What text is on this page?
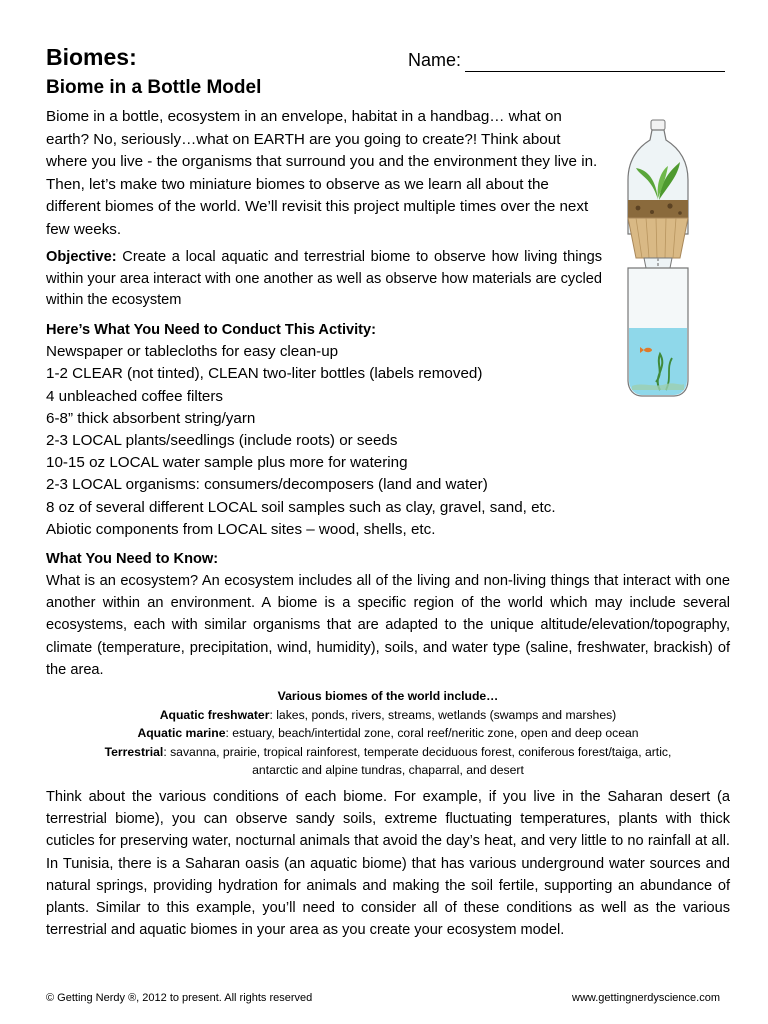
Biomes:	Name:
Biome in a Bottle Model

Biome in a bottle, ecosystem in an envelope, habitat in a handbag… what on earth? No, seriously…what on EARTH are you going to create?! Think about where you live - the organisms that surround you and the environment they live in. Then, let’s make two miniature biomes to observe as we learn all about the different biomes of the world. We’ll revisit this project multiple times over the next few weeks.

Objective: Create a local aquatic and terrestrial biome to observe how living things within your area interact with one another as well as observe how materials are cycled within the ecosystem

Here’s What You Need to Conduct This Activity:
Newspaper or tablecloths for easy clean-up
1-2 CLEAR (not tinted), CLEAN two-liter bottles (labels removed)
4 unbleached coffee filters
6-8” thick absorbent string/yarn
2-3 LOCAL plants/seedlings (include roots) or seeds
10-15 oz LOCAL water sample plus more for watering
2-3 LOCAL organisms: consumers/decomposers (land and water)
8 oz of several different LOCAL soil samples such as clay, gravel, sand, etc.
Abiotic components from LOCAL sites – wood, shells, etc.
What You Need to Know:

What is an ecosystem? An ecosystem includes all of the living and non-living things that interact with one another within an environment. A biome is a specific region of the world which may include several ecosystems, each with similar organisms that are adapted to the unique altitude/elevation/topography, climate (temperature, precipitation, wind, humidity), soils, and water type (saline, freshwater, brackish) of the area.

Various biomes of the world include…
Aquatic freshwater: lakes, ponds, rivers, streams, wetlands (swamps and marshes)
Aquatic marine: estuary, beach/intertidal zone, coral reef/neritic zone, open and deep ocean
Terrestrial: savanna, prairie, tropical rainforest, temperate deciduous forest, coniferous forest/taiga, artic,
antarctic and alpine tundras, chaparral, and desert

Think about the various conditions of each biome. For example, if you live in the Saharan desert (a terrestrial biome), you can observe sandy soils, extreme fluctuating temperatures, plants with thick cuticles for preserving water, nocturnal animals that avoid the day’s heat, and very little to no rainfall at all. In Tunisia, there is a Saharan oasis (an aquatic biome) that has various underground water sources and natural springs, providing hydration for animals and making the soil fertile, supporting an abundance of plants. Similar to this example, you’ll need to consider all of these conditions as well as the various terrestrial and aquatic biomes in your area as you create your ecosystem model.

© Getting Nerdy ®, 2012 to present. All rights reserved	www.gettingnerdyscience.com
